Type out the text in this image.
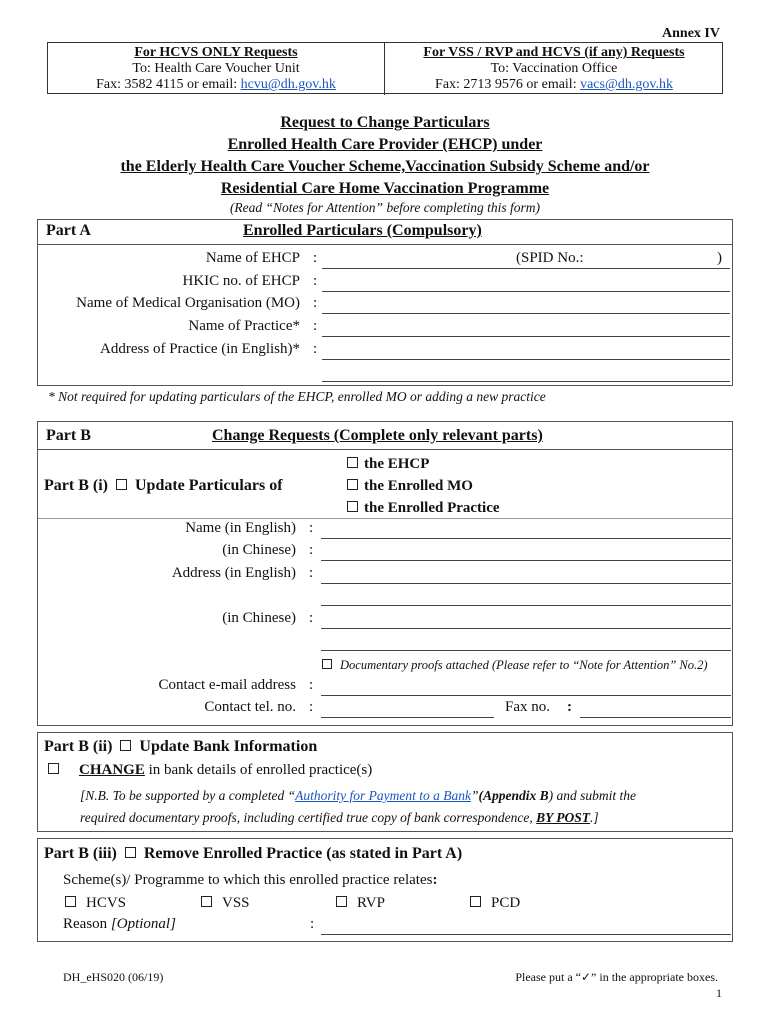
Annex IV
For HCVS ONLY Requests
To: Health Care Voucher Unit
Fax: 3582 4115 or email: hcvu@dh.gov.hk
For VSS / RVP and HCVS (if any) Requests
To: Vaccination Office
Fax: 2713 9576 or email: vacs@dh.gov.hk
Request to Change Particulars
Enrolled Health Care Provider (EHCP) under
the Elderly Health Care Voucher Scheme,Vaccination Subsidy Scheme and/or
Residential Care Home Vaccination Programme
(Read “Notes for Attention” before completing this form)
Part A	Enrolled Particulars (Compulsory)
Name of EHCP :	(SPID No.:	)
HKIC no. of EHCP :
Name of Medical Organisation (MO) :
Name of Practice* :
Address of Practice (in English)* :
* Not required for updating particulars of the EHCP, enrolled MO or adding a new practice
Part B	Change Requests (Complete only relevant parts)
Part B (i) Update Particulars of
the EHCP
the Enrolled MO
the Enrolled Practice
Name (in English) :
(in Chinese) :
Address (in English) :
(in Chinese) :
Documentary proofs attached (Please refer to “Note for Attention” No.2)
Contact e-mail address :
Contact tel. no. :	Fax no. :
Part B (ii) Update Bank Information
CHANGE in bank details of enrolled practice(s)
[N.B. To be supported by a completed “Authority for Payment to a Bank”(Appendix B) and submit the
required documentary proofs, including certified true copy of bank correspondence, BY POST.]
Part B (iii) Remove Enrolled Practice (as stated in Part A)
Scheme(s)/ Programme to which this enrolled practice relates:
HCVS	VSS	RVP	PCD
Reason [Optional]	:
DH_eHS020 (06/19)	Please put a “✓” in the appropriate boxes.
1
